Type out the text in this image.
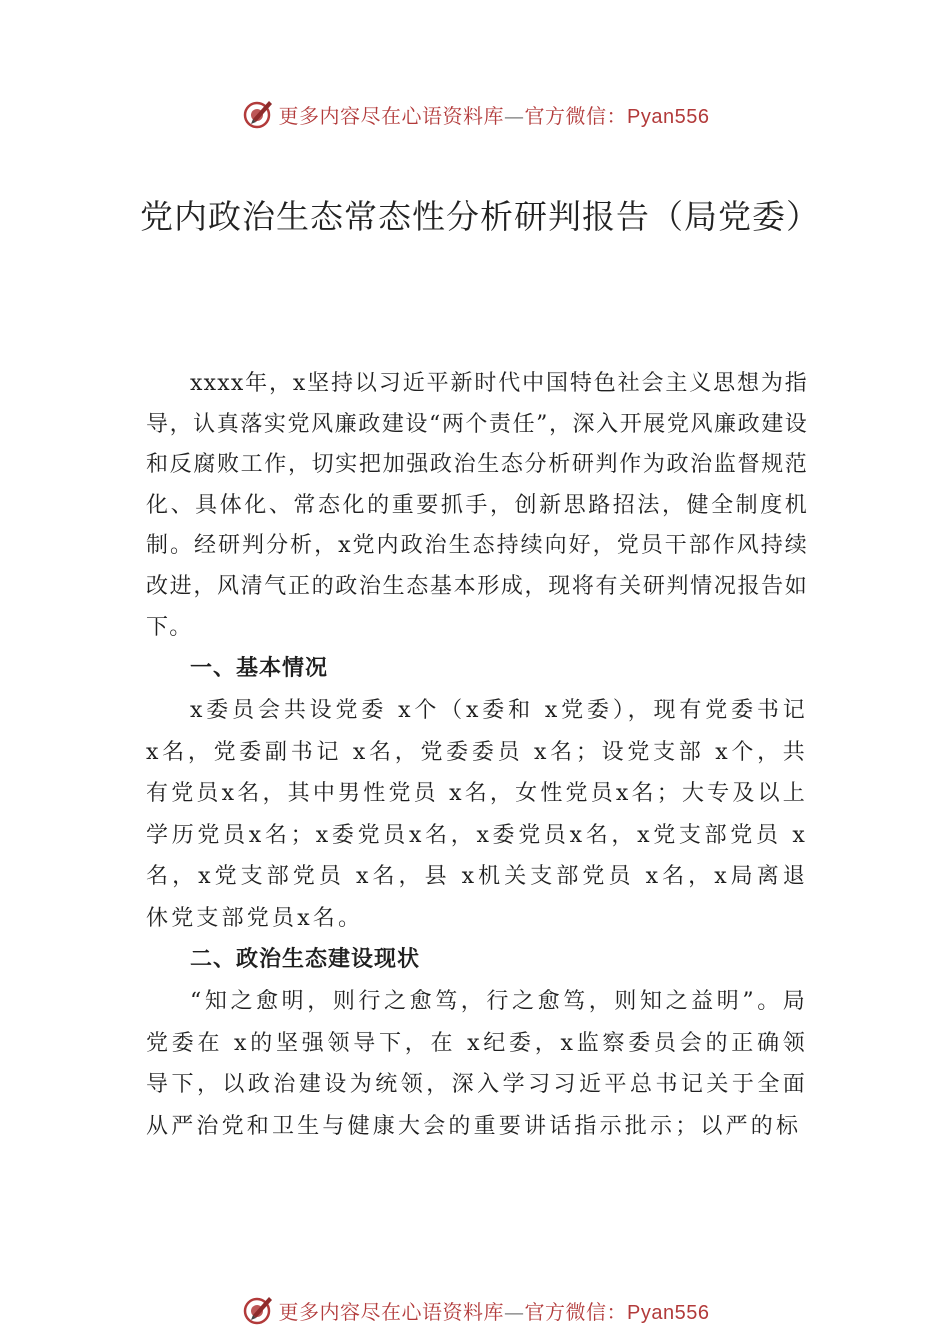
更多内容尽在心语资料库—官方微信：Pyan556
党内政治生态常态性分析研判报告（局党委）

xxxx年，x坚持以习近平新时代中国特色社会主义思想为指导，认真落实党风廉政建设“两个责任”，深入开展党风廉政建设和反腐败工作，切实把加强政治生态分析研判作为政治监督规范化、具体化、常态化的重要抓手，创新思路招法，健全制度机制。经研判分析，x党内政治生态持续向好，党员干部作风持续改进，风清气正的政治生态基本形成，现将有关研判情况报告如下。

一、基本情况

x委员会共设党委 x个（x委和 x党委），现有党委书记 x名，党委副书记 x名，党委委员 x名；设党支部 x个，共有党员x名，其中男性党员 x名，女性党员x名；大专及以上学历党员x名；x委党员x名，x委党员x名，x党支部党员 x名，x党支部党员 x名，县 x机关支部党员 x名，x局离退休党支部党员x名。

二、政治生态建设现状

“知之愈明，则行之愈笃，行之愈笃，则知之益明”。局党委在 x的坚强领导下，在 x纪委，x监察委员会的正确领导下，以政治建设为统领，深入学习习近平总书记关于全面从严治党和卫生与健康大会的重要讲话指示批示；以严的标

更多内容尽在心语资料库—官方微信：Pyan556
